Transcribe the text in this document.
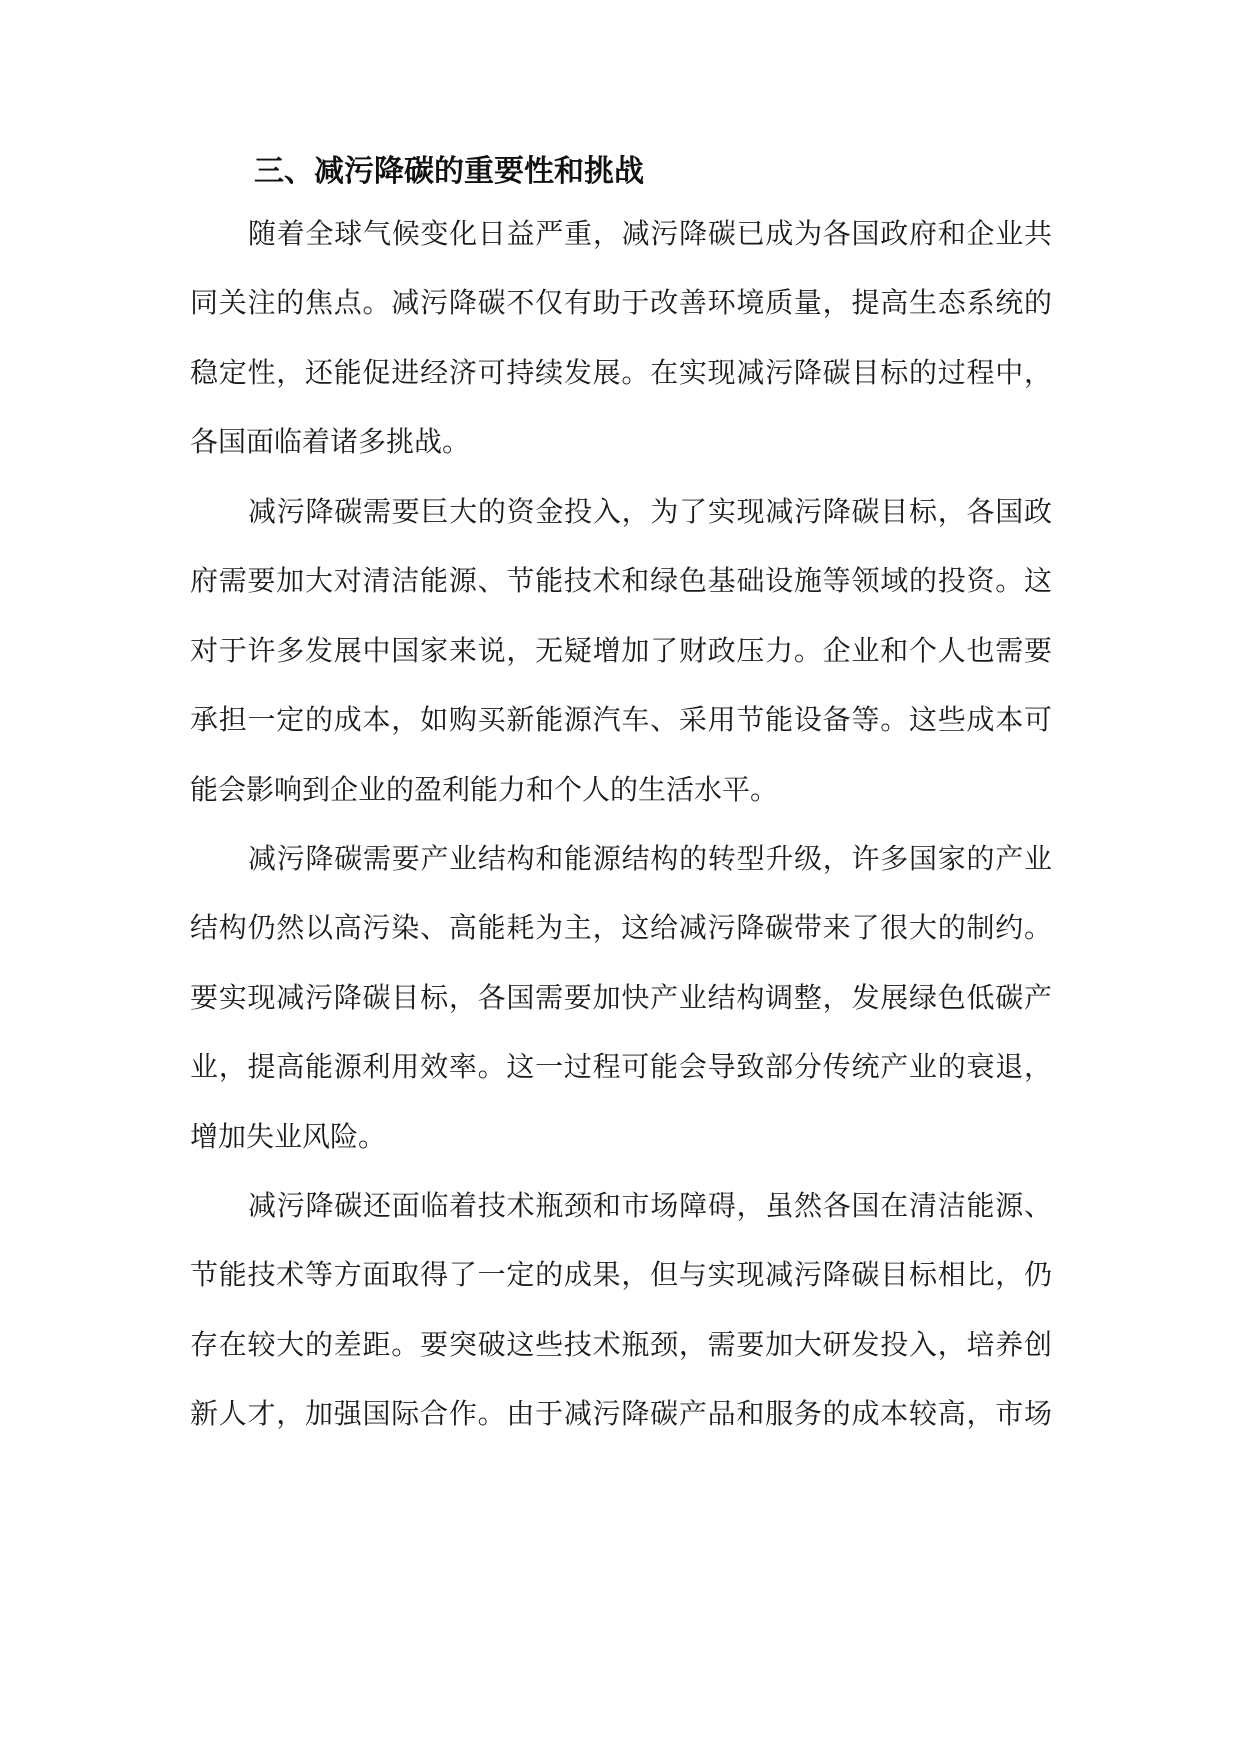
三、减污降碳的重要性和挑战
随着全球气候变化日益严重，减污降碳已成为各国政府和企业共
同关注的焦点。减污降碳不仅有助于改善环境质量，提高生态系统的
稳定性，还能促进经济可持续发展。在实现减污降碳目标的过程中，
各国面临着诸多挑战。
减污降碳需要巨大的资金投入，为了实现减污降碳目标，各国政
府需要加大对清洁能源、节能技术和绿色基础设施等领域的投资。这
对于许多发展中国家来说，无疑增加了财政压力。企业和个人也需要
承担一定的成本，如购买新能源汽车、采用节能设备等。这些成本可
能会影响到企业的盈利能力和个人的生活水平。
减污降碳需要产业结构和能源结构的转型升级，许多国家的产业
结构仍然以高污染、高能耗为主，这给减污降碳带来了很大的制约。
要实现减污降碳目标，各国需要加快产业结构调整，发展绿色低碳产
业，提高能源利用效率。这一过程可能会导致部分传统产业的衰退，
增加失业风险。
减污降碳还面临着技术瓶颈和市场障碍，虽然各国在清洁能源、
节能技术等方面取得了一定的成果，但与实现减污降碳目标相比，仍
存在较大的差距。要突破这些技术瓶颈，需要加大研发投入，培养创
新人才，加强国际合作。由于减污降碳产品和服务的成本较高，市场
